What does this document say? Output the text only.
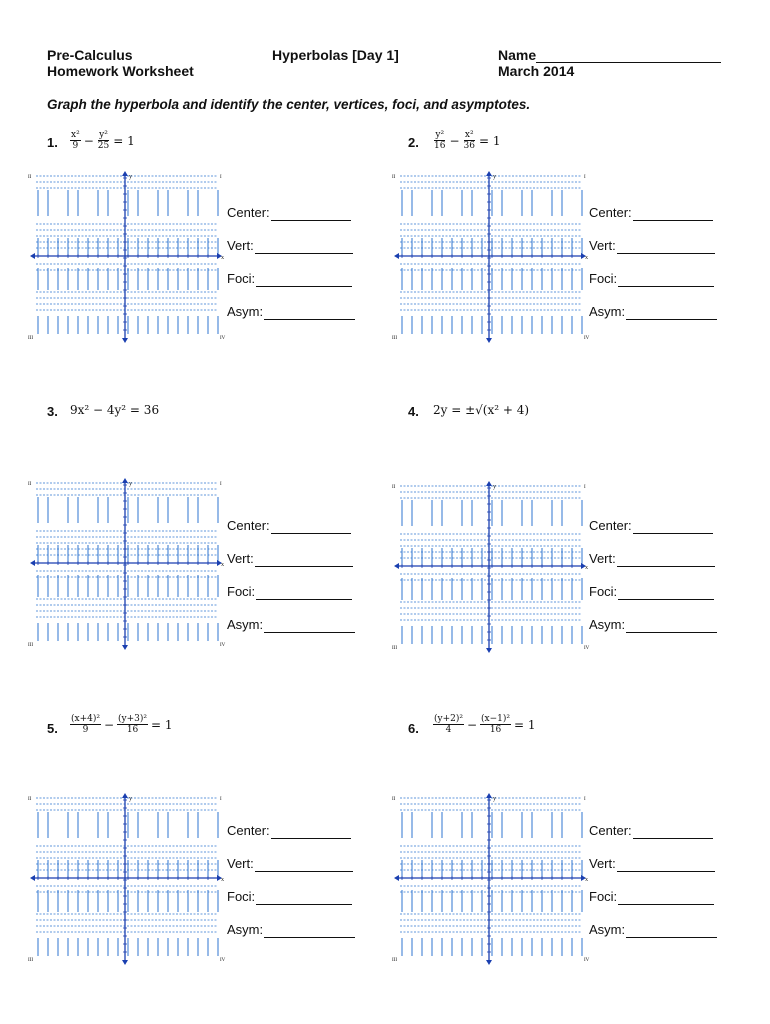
Pre-Calculus
Homework Worksheet
Hyperbolas [Day 1]	Name
March 2014
Graph the hyperbola and identify the center, vertices, foci, and asymptotes.
1. $\frac{\text{x²}}{9} - \frac{\text{y²}}{25} = 1$	2. $\frac{\text{y²}}{16} - \frac{\text{x²}}{36} = 1$
3. 9x² − 4y² = 36	4. 2y = ±√(x² + 4)
5. $\frac{\text{(x+4)²}}{9} - \frac{\text{(y+3)²}}{16} = 1$	6. $\frac{\text{(y+2)²}}{4} - \frac{\text{(x−1)²}}{16} = 1$
x
y	I
II
III	IV
x
y	I
II
III	IV
x
y	I
II
III	IV
x
y	I
II
III	IV
x
y	I
II
III	IV
x
y	I
II
III	IV
Center:
Vert:
Foci:
Asym:
Center:
Vert:
Foci:
Asym:
Center:
Vert:
Foci:
Asym:
Center:
Vert:
Foci:
Asym:
Center:
Vert:
Foci:
Asym:
Center:
Vert:
Foci:
Asym:
